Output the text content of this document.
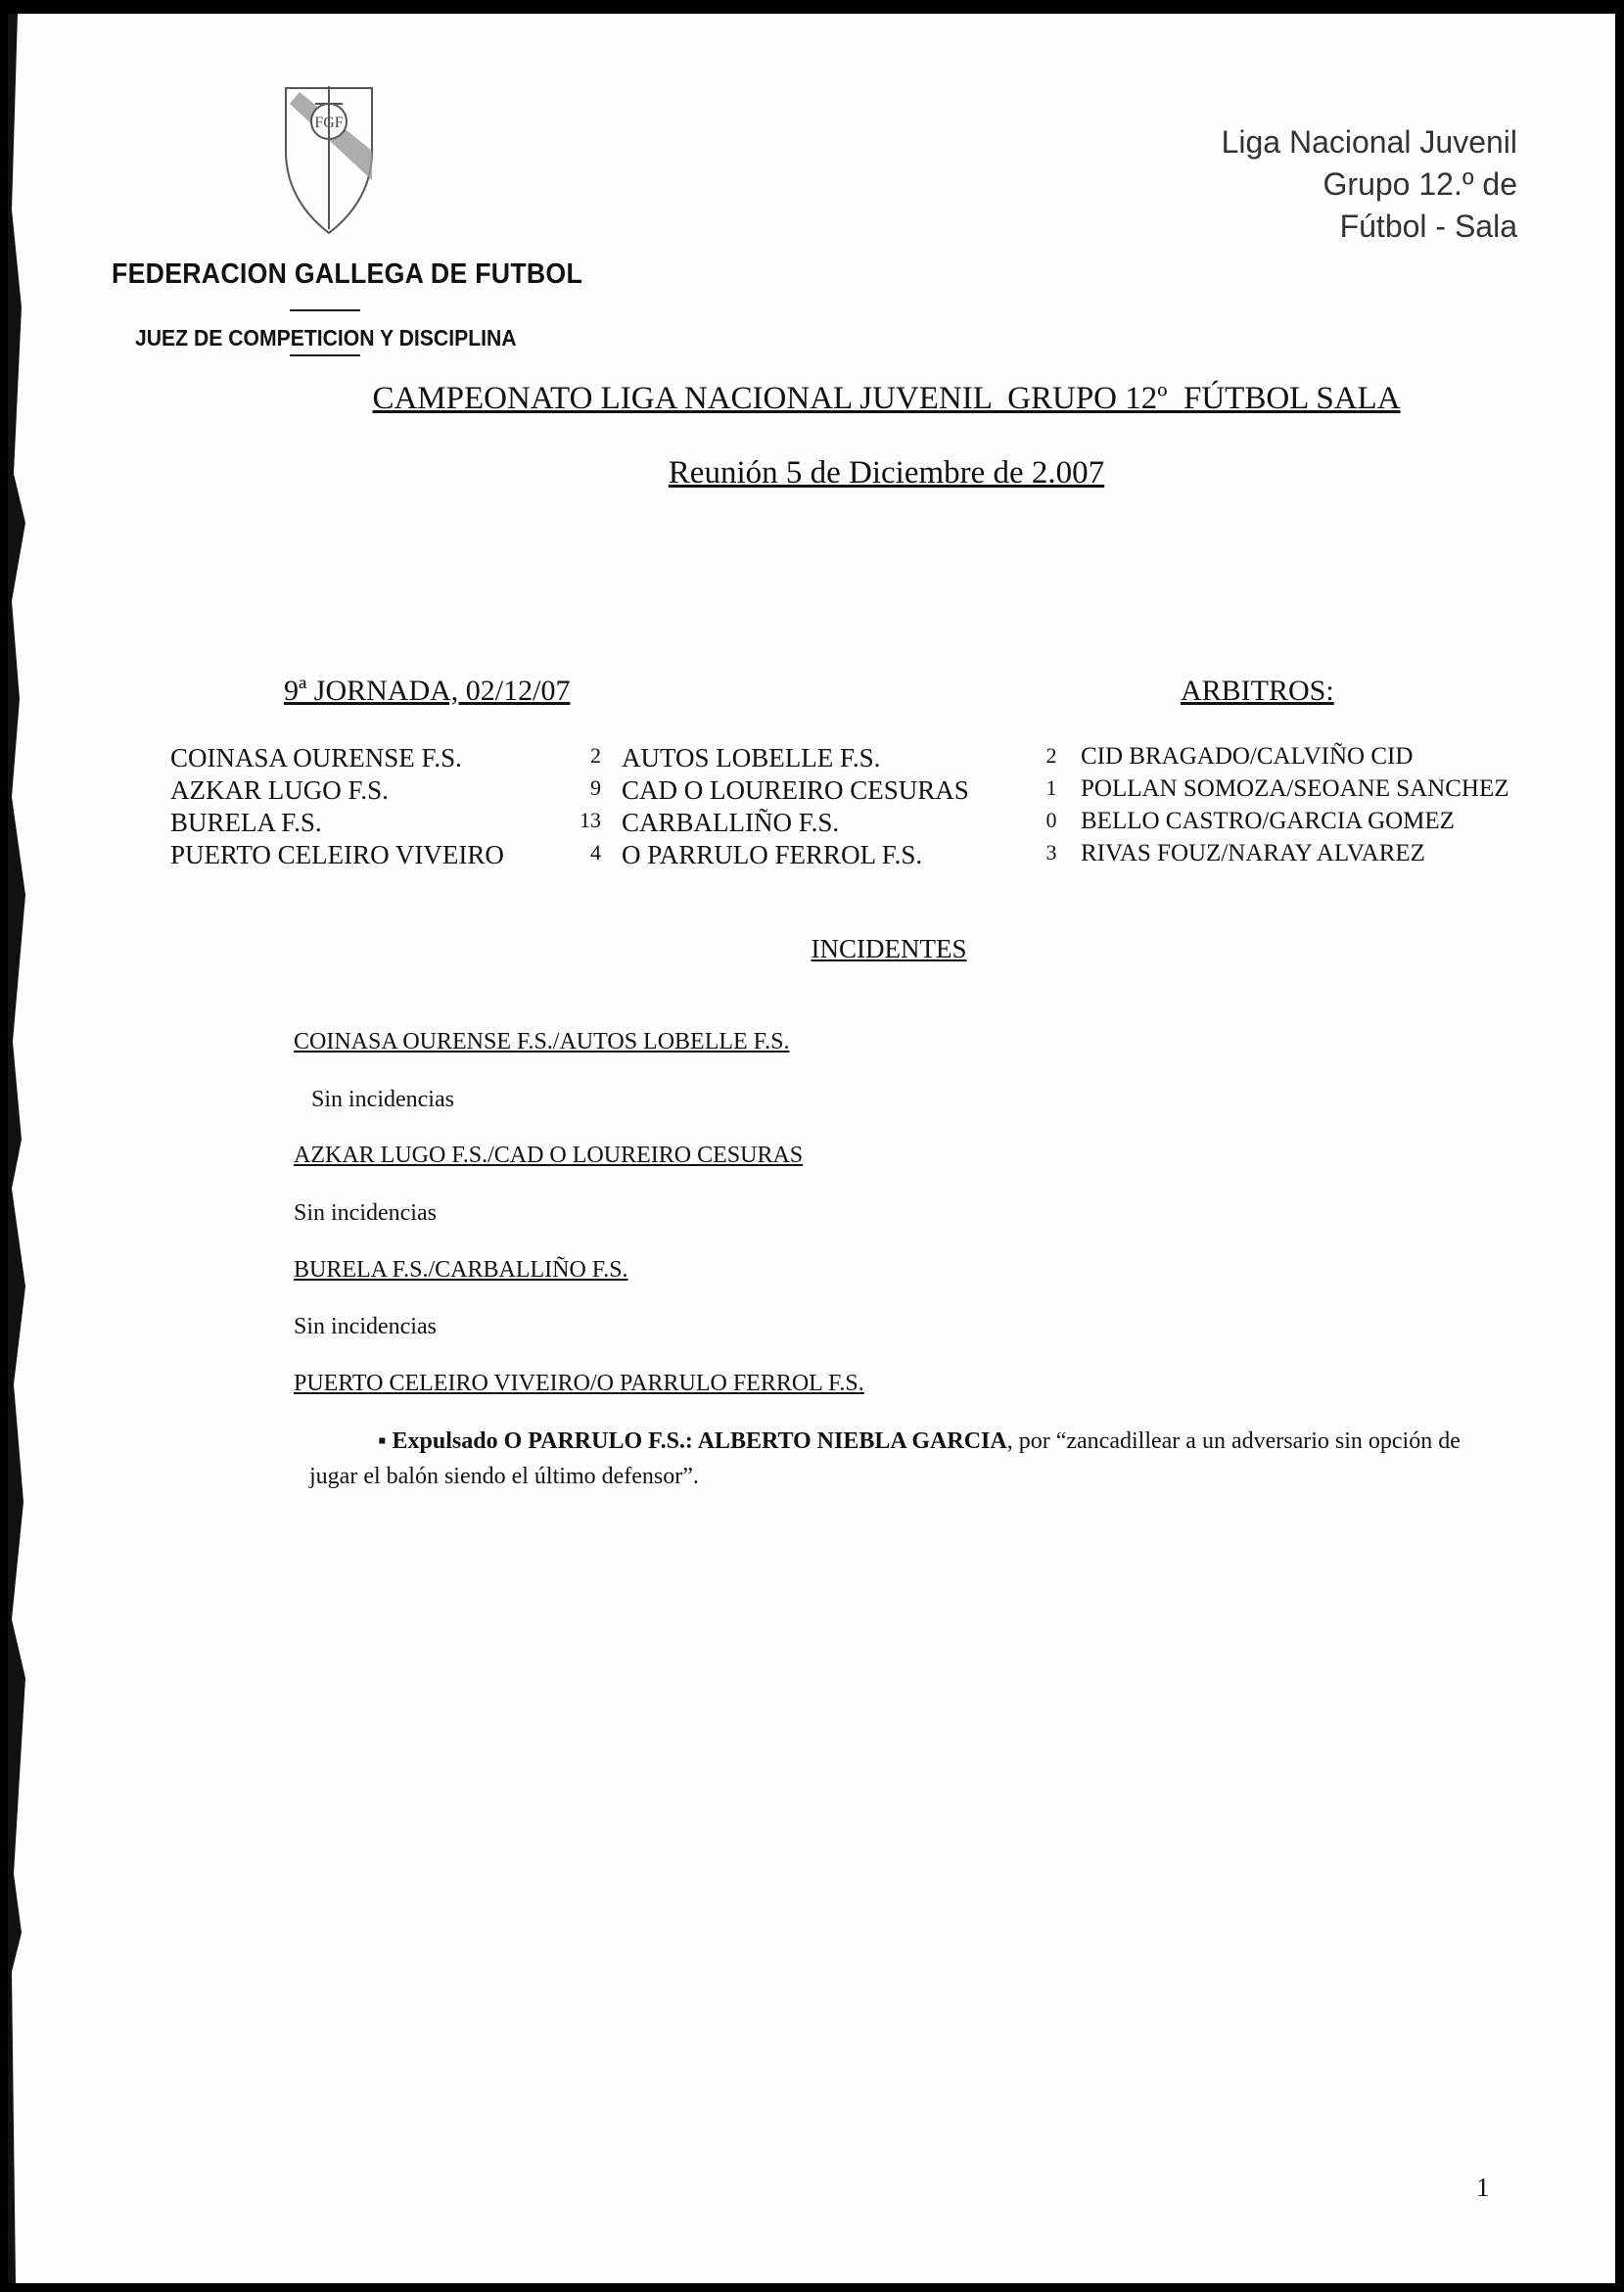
FGF
FEDERACION GALLEGA DE FUTBOL
JUEZ DE COMPETICION Y DISCIPLINA
Liga Nacional Juvenil
Grupo 12.º de
Fútbol - Sala
CAMPEONATO LIGA NACIONAL JUVENIL  GRUPO 12º  FÚTBOL SALA
Reunión 5 de Diciembre de 2.007
9ª JORNADA, 02/12/07	ARBITROS:
COINASA OURENSE F.S.	2 AUTOS LOBELLE F.S.	2 CID BRAGADO/CALVIÑO CID
AZKAR LUGO F.S.	9 CAD O LOUREIRO CESURAS	1 POLLAN SOMOZA/SEOANE SANCHEZ
BURELA F.S.	13 CARBALLIÑO F.S.	0 BELLO CASTRO/GARCIA GOMEZ
PUERTO CELEIRO VIVEIRO	4 O PARRULO FERROL F.S.	3 RIVAS FOUZ/NARAY ALVAREZ
INCIDENTES
COINASA OURENSE F.S./AUTOS LOBELLE F.S.
Sin incidencias
AZKAR LUGO F.S./CAD O LOUREIRO CESURAS
Sin incidencias
BURELA F.S./CARBALLIÑO F.S.
Sin incidencias
PUERTO CELEIRO VIVEIRO/O PARRULO FERROL F.S.
▪ Expulsado O PARRULO F.S.: ALBERTO NIEBLA GARCIA, por “zancadillear a un adversario sin opción de jugar el balón siendo el último defensor”.
1
